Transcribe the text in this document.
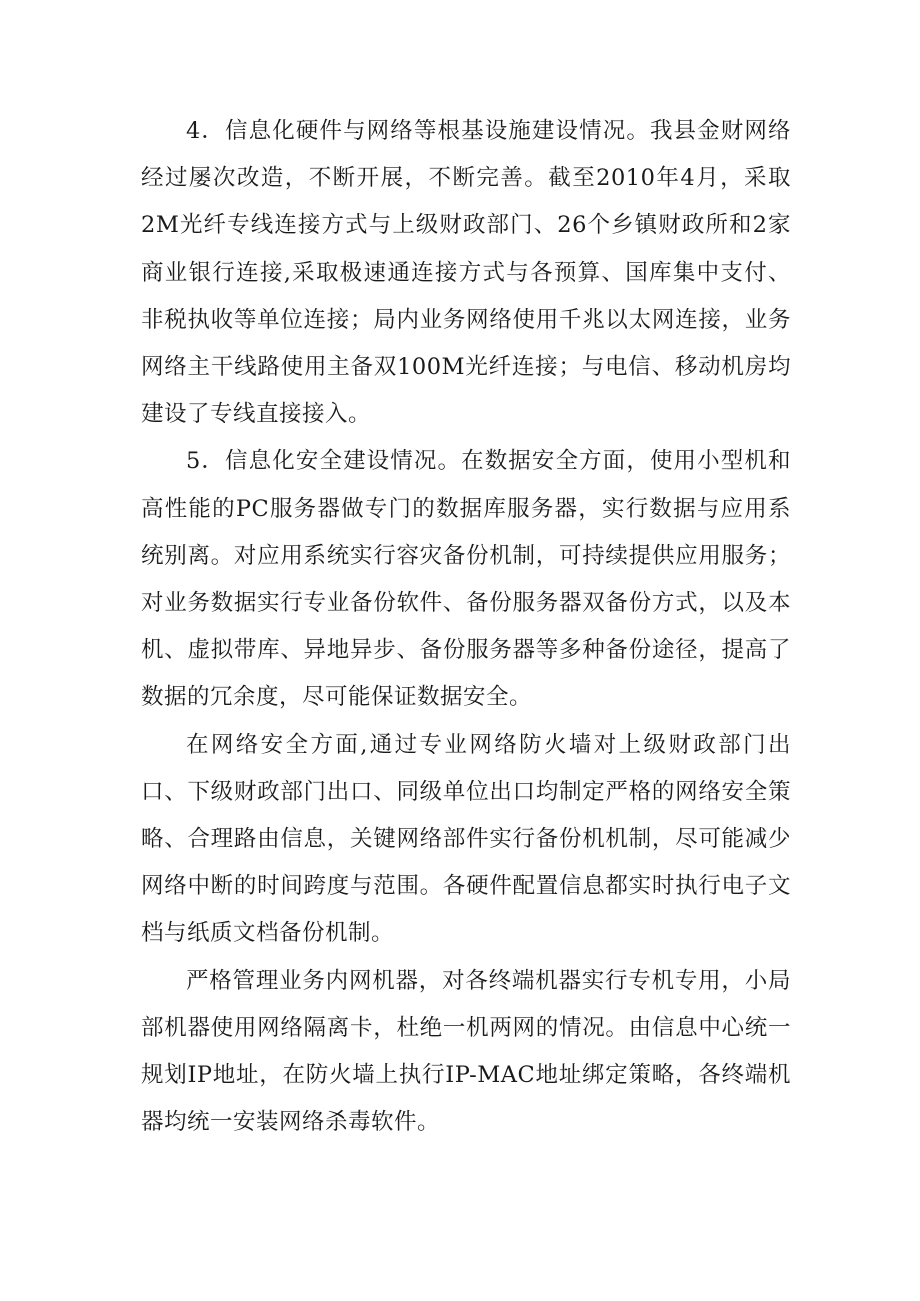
4．信息化硬件与网络等根基设施建设情况。我县金财网络经过屡次改造，不断开展，不断完善。截至2010年4月，采取2M光纤专线连接方式与上级财政部门、26个乡镇财政所和2家商业银行连接,采取极速通连接方式与各预算、国库集中支付、非税执收等单位连接；局内业务网络使用千兆以太网连接，业务网络主干线路使用主备双100M光纤连接；与电信、移动机房均建设了专线直接接入。

5．信息化安全建设情况。在数据安全方面，使用小型机和高性能的PC服务器做专门的数据库服务器，实行数据与应用系统别离。对应用系统实行容灾备份机制，可持续提供应用服务；对业务数据实行专业备份软件、备份服务器双备份方式，以及本机、虚拟带库、异地异步、备份服务器等多种备份途径，提高了数据的冗余度，尽可能保证数据安全。

在网络安全方面,通过专业网络防火墙对上级财政部门出口、下级财政部门出口、同级单位出口均制定严格的网络安全策略、合理路由信息，关键网络部件实行备份机机制，尽可能减少网络中断的时间跨度与范围。各硬件配置信息都实时执行电子文档与纸质文档备份机制。

严格管理业务内网机器，对各终端机器实行专机专用，小局部机器使用网络隔离卡，杜绝一机两网的情况。由信息中心统一规划IP地址，在防火墙上执行IP-MAC地址绑定策略，各终端机器均统一安装网络杀毒软件。
